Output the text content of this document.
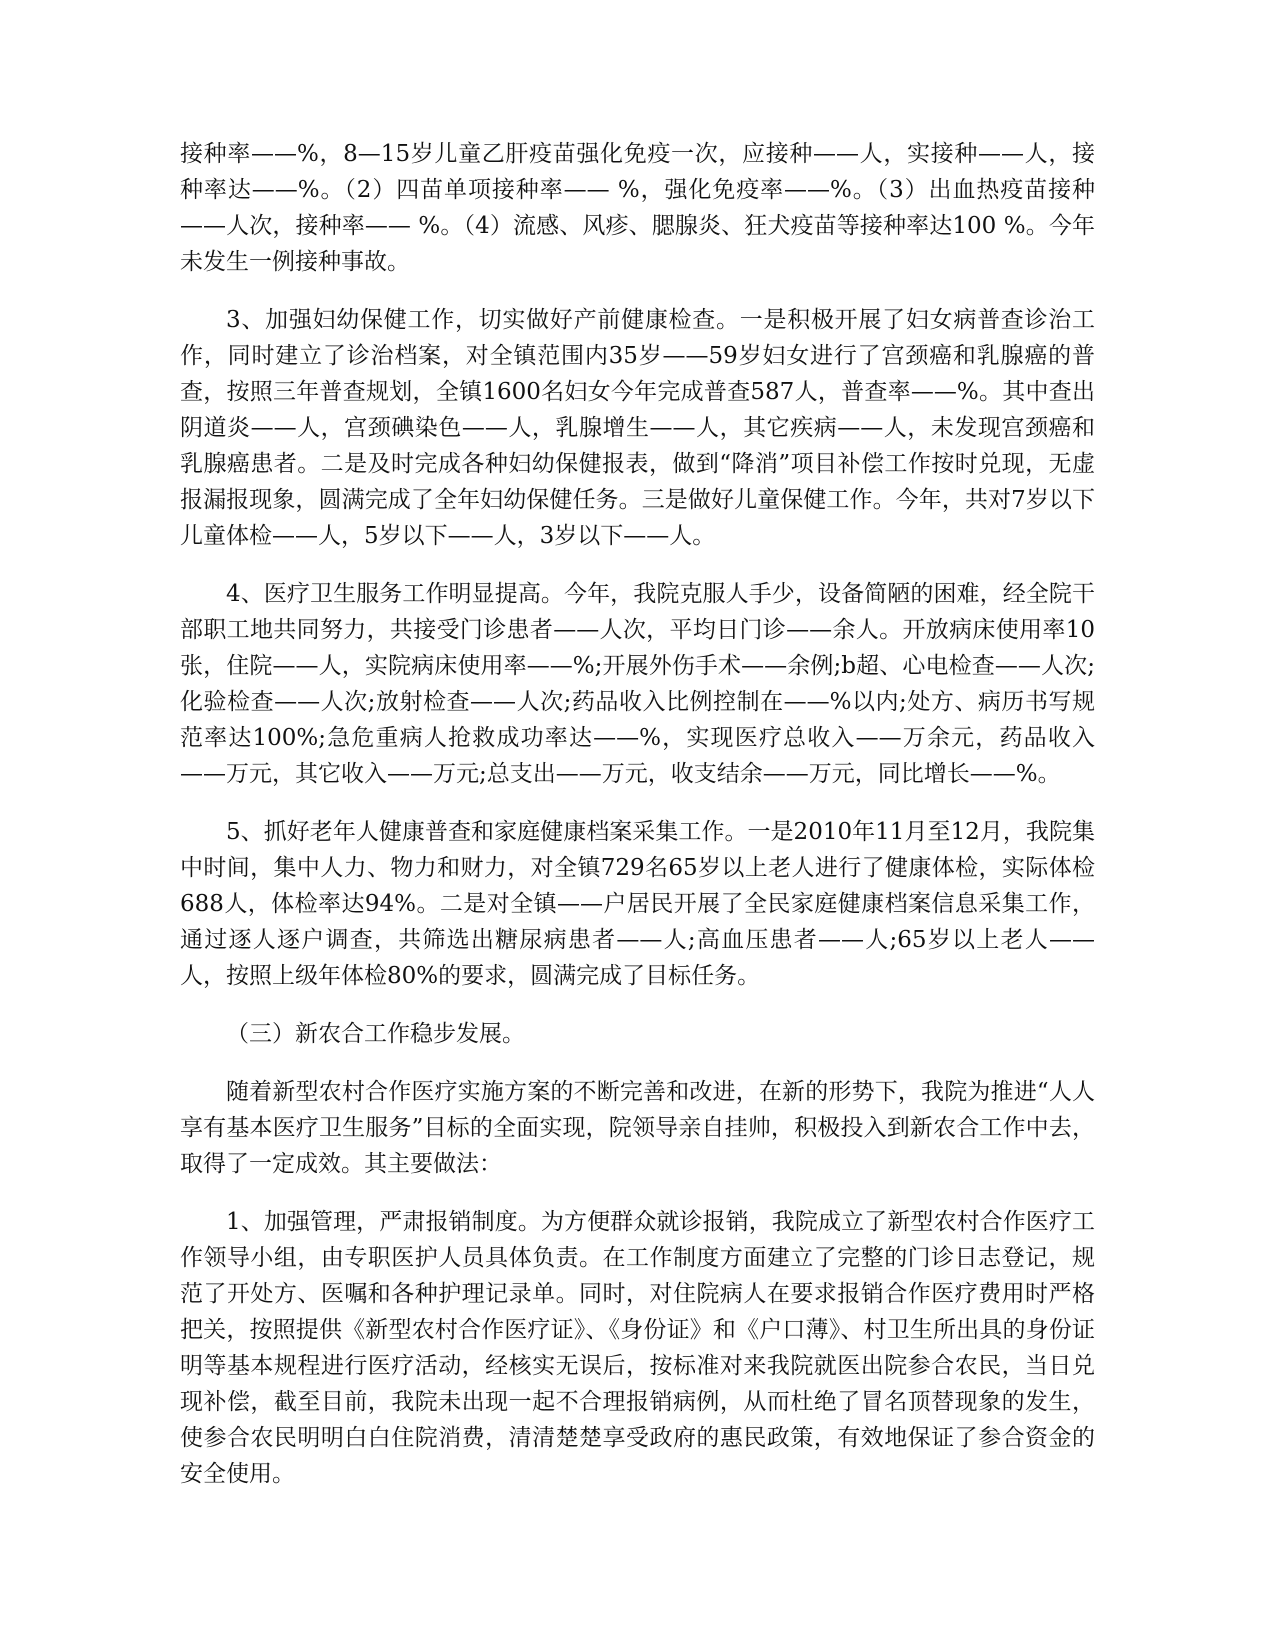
接种率——%，8—15岁儿童乙肝疫苗强化免疫一次，应接种——人，实接种——人，接种率达——%。（2）四苗单项接种率—— %，强化免疫率——%。（3）出血热疫苗接种——人次，接种率—— %。（4）流感、风疹、腮腺炎、狂犬疫苗等接种率达100 %。今年未发生一例接种事故。

3、加强妇幼保健工作，切实做好产前健康检查。一是积极开展了妇女病普查诊治工作，同时建立了诊治档案，对全镇范围内35岁——59岁妇女进行了宫颈癌和乳腺癌的普查，按照三年普查规划，全镇1600名妇女今年完成普查587人，普查率——%。其中查出阴道炎——人，宫颈碘染色——人，乳腺增生——人，其它疾病——人，未发现宫颈癌和乳腺癌患者。二是及时完成各种妇幼保健报表，做到“降消”项目补偿工作按时兑现，无虚报漏报现象，圆满完成了全年妇幼保健任务。三是做好儿童保健工作。今年，共对7岁以下儿童体检——人，5岁以下——人，3岁以下——人。

4、医疗卫生服务工作明显提高。今年，我院克服人手少，设备简陋的困难，经全院干部职工地共同努力，共接受门诊患者——人次，平均日门诊——余人。开放病床使用率10张，住院——人，实院病床使用率——%;开展外伤手术——余例;b超、心电检查——人次;化验检查——人次;放射检查——人次;药品收入比例控制在——%以内;处方、病历书写规范率达100%;急危重病人抢救成功率达——%，实现医疗总收入——万余元，药品收入——万元，其它收入——万元;总支出——万元，收支结余——万元，同比增长——%。

5、抓好老年人健康普查和家庭健康档案采集工作。一是2010年11月至12月，我院集中时间，集中人力、物力和财力，对全镇729名65岁以上老人进行了健康体检，实际体检688人，体检率达94%。二是对全镇——户居民开展了全民家庭健康档案信息采集工作，通过逐人逐户调查，共筛选出糖尿病患者——人;高血压患者——人;65岁以上老人——人，按照上级年体检80%的要求，圆满完成了目标任务。

（三）新农合工作稳步发展。

随着新型农村合作医疗实施方案的不断完善和改进，在新的形势下，我院为推进“人人享有基本医疗卫生服务”目标的全面实现，院领导亲自挂帅，积极投入到新农合工作中去，取得了一定成效。其主要做法：

1、加强管理，严肃报销制度。为方便群众就诊报销，我院成立了新型农村合作医疗工作领导小组，由专职医护人员具体负责。在工作制度方面建立了完整的门诊日志登记，规范了开处方、医嘱和各种护理记录单。同时，对住院病人在要求报销合作医疗费用时严格把关，按照提供《新型农村合作医疗证》、《身份证》和《户口薄》、村卫生所出具的身份证明等基本规程进行医疗活动，经核实无误后，按标准对来我院就医出院参合农民，当日兑现补偿，截至目前，我院未出现一起不合理报销病例，从而杜绝了冒名顶替现象的发生，使参合农民明明白白住院消费，清清楚楚享受政府的惠民政策，有效地保证了参合资金的安全使用。
